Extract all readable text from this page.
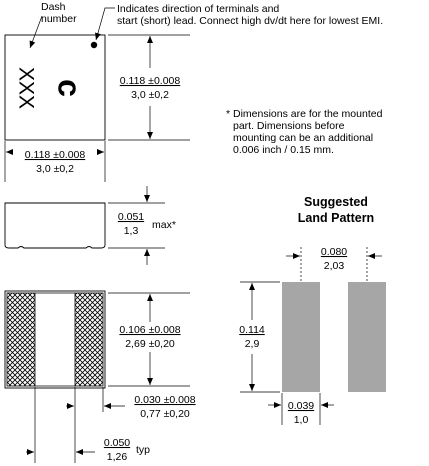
XXX c
Dash
number
Indicates direction of terminals and
start (short) lead. Connect high dv/dt here for lowest EMI.
0.118 ±0.008
3,0 ±0,2
0.118 ±0.008
3,0 ±0,2
0.051
1,3 max*
0.106 ±0.008
2,69 ±0,20
0.030 ±0.008
0,77 ±0,20
0.050
1,26
typ
* Dimensions are for the mounted
part. Dimensions before
mounting can be an additional
0.006 inch / 0.15 mm.
Suggested
Land Pattern
0.080
2,03
0.114
2,9
0.039
1,0
